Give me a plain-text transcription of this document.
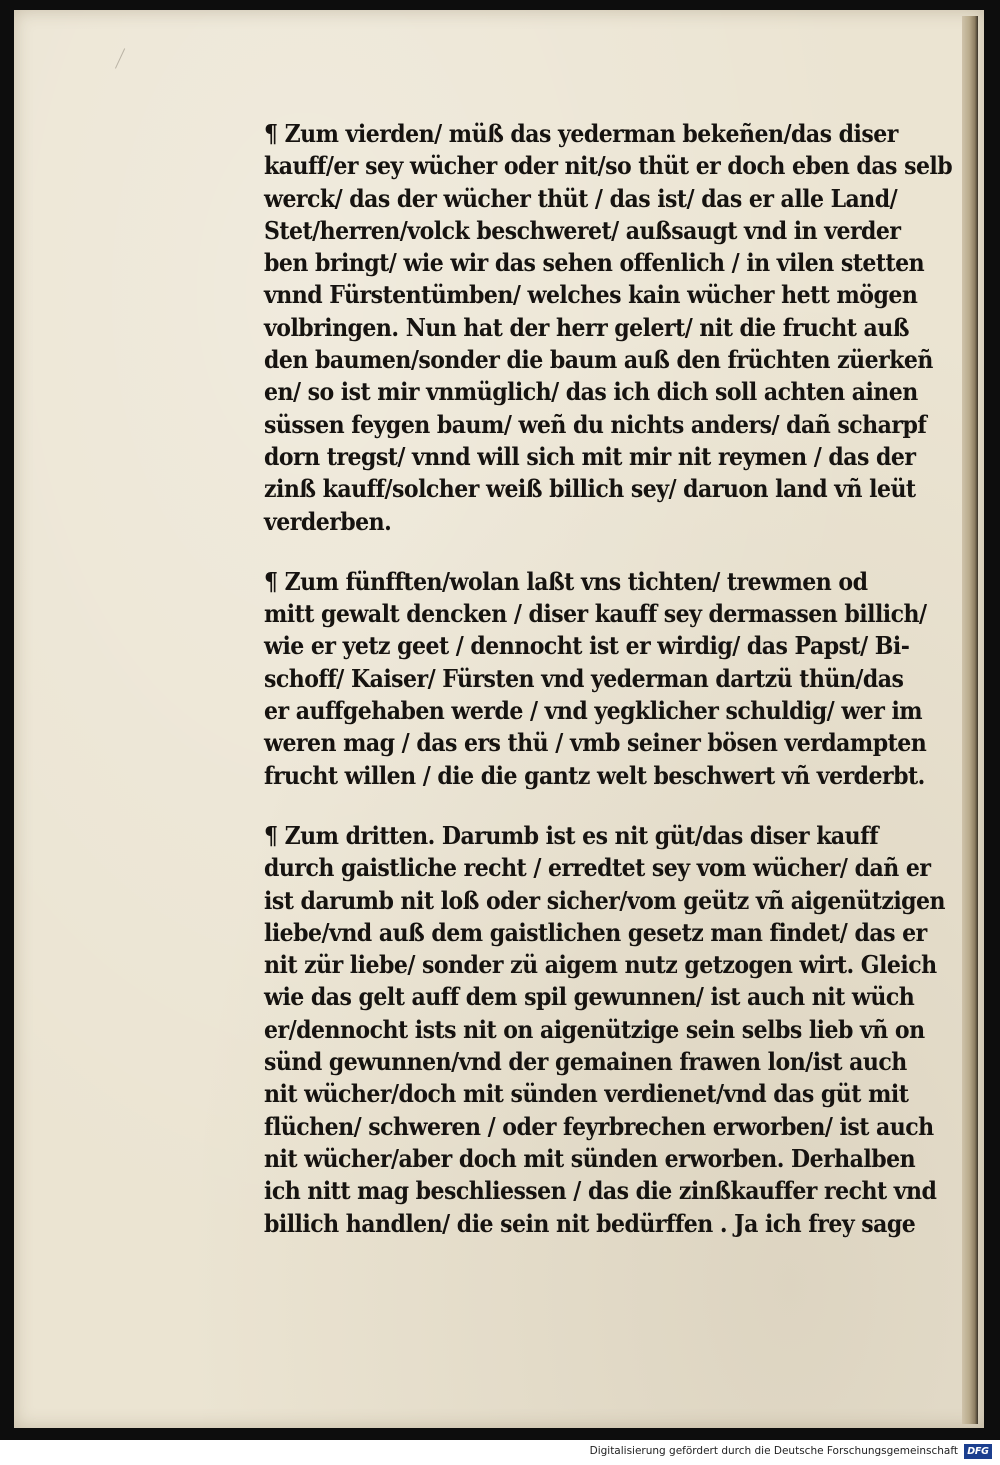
¶ Zum vierden/ müß das yederman bekeñen/das diser
kauff/er sey wücher oder nit/so thüt er doch eben das selb
werck/ das der wücher thüt / das ist/ das er alle Land/
Stet/herren/volck beschweret/ außsaugt vnd in verder
ben bringt/ wie wir das sehen offenlich / in vilen stetten
vnnd Fürstentümben/ welches kain wücher hett mögen
volbringen. Nun hat der herr gelert/ nit die frucht auß
den baumen/sonder die baum auß den früchten züerkeñ
en/ so ist mir vnmüglich/ das ich dich soll achten ainen
süssen feygen baum/ weñ du nichts anders/ dañ scharpf
dorn tregst/ vnnd will sich mit mir nit reymen / das der
zinß kauff/solcher weiß billich sey/ daruon land vñ leüt
verderben.
¶ Zum fünfften/wolan laßt vns tichten/ trewmen od
mitt gewalt dencken / diser kauff sey dermassen billich/
wie er yetz geet / dennocht ist er wirdig/ das Papst/ Bi-
schoff/ Kaiser/ Fürsten vnd yederman dartzü thün/das
er auffgehaben werde / vnd yegklicher schuldig/ wer im
weren mag / das ers thü / vmb seiner bösen verdampten
frucht willen / die die gantz welt beschwert vñ verderbt.
¶ Zum dritten. Darumb ist es nit güt/das diser kauff
durch gaistliche recht / erredtet sey vom wücher/ dañ er
ist darumb nit loß oder sicher/vom geütz vñ aigenützigen
liebe/vnd auß dem gaistlichen gesetz man findet/ das er
nit zür liebe/ sonder zü aigem nutz getzogen wirt. Gleich
wie das gelt auff dem spil gewunnen/ ist auch nit wüch
er/dennocht ists nit on aigenützige sein selbs lieb vñ on
sünd gewunnen/vnd der gemainen frawen lon/ist auch
nit wücher/doch mit sünden verdienet/vnd das güt mit
flüchen/ schweren / oder feyrbrechen erworben/ ist auch
nit wücher/aber doch mit sünden erworben. Derhalben
ich nitt mag beschliessen / das die zinßkauffer recht vnd
billich handlen/ die sein nit bedürffen . Ja ich frey sage
Digitalisierung gefördert durch die Deutsche Forschungsgemeinschaft DFG
